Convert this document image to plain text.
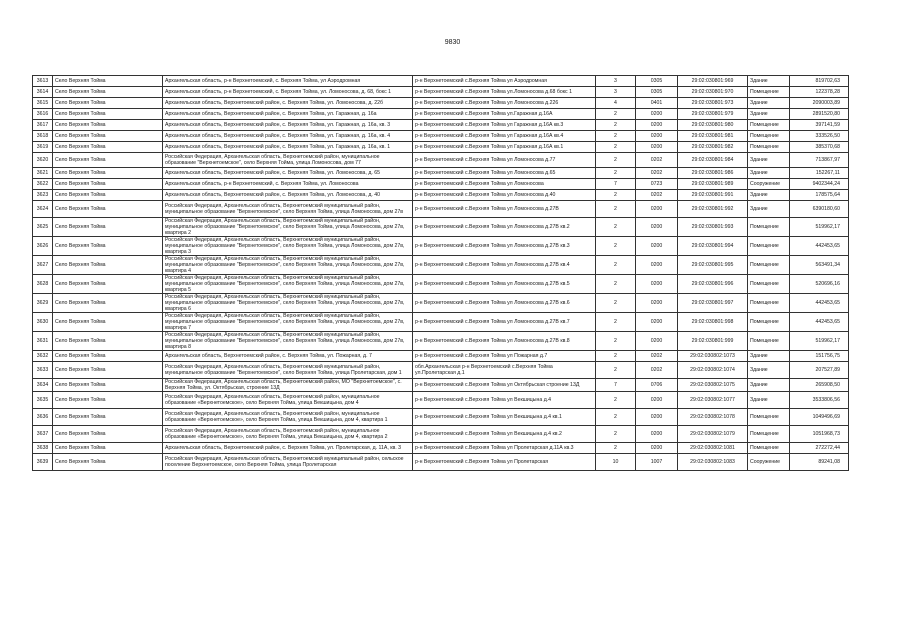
9830
3613	Село Верхняя Тойма	Архангельская область, р-н Верхнетоемский, с. Верхняя Тойма, ул Аэродромная	р-н Верхнетоемский с.Верхняя Тойма ул Аэродромная	3	0305	29:02:030801:969	Здание	819702,63
3614	Село Верхняя Тойма	Архангельская область, р-н Верхнетоемский, с. Верхняя Тойма, ул. Ломоносова, д. 68, бокс 1	р-н Верхнетоемский с.Верхняя Тойма ул.Ломоносова д.68 бокс 1	3	0305	29:02:030801:970	Помещение	122378,28
3615	Село Верхняя Тойма	Архангельская область, Верхнетоемский район, с. Верхняя Тойма, ул. Ломоносова, д. 22б	р-н Верхнетоемский с.Верхняя Тойма ул Ломоносова д.226	4	0401	29:02:030801:973	Здание	2090003,89
3616	Село Верхняя Тойма	Архангельская область, Верхнетоемский район, с. Верхняя Тойма, ул. Гаражная, д. 16а	р-н Верхнетоемский с.Верхняя Тойма ул.Гаражная д.16А	2	0200	29:02:030801:979	Здание	2891520,80
3617	Село Верхняя Тойма	Архангельская область, Верхнетоемский район, с. Верхняя Тойма, ул. Гаражная, д. 16а, кв. 3	р-н Верхнетоемский с.Верхняя Тойма ул Гаражная д.16А кв.3	2	0200	29:02:030801:980	Помещение	397141,59
3618	Село Верхняя Тойма	Архангельская область, Верхнетоемский район, с. Верхняя Тойма, ул. Гаражная, д. 16а, кв. 4	р-н Верхнетоемский с.Верхняя Тойма ул Гаражная д.16А кв.4	2	0200	29:02:030801:981	Помещение	333526,50
3619	Село Верхняя Тойма	Архангельская область, Верхнетоемский район, с. Верхняя Тойма, ул. Гаражная, д. 16а, кв. 1	р-н Верхнетоемский с.Верхняя Тойма ул Гаражная д.16А кв.1	2	0200	29:02:030801:982	Помещение	385370,68
3620	Село Верхняя Тойма	Российская Федерация, Архангельская область, Верхнетоемский район, муниципальное образование "Верхнетоемское", село Верхняя Тойма, улица Ломоносова, дом 77	р-н Верхнетоемский с.Верхняя Тойма ул Ломоносова д.77	2	0202	29:02:030801:984	Здание	713867,97
3621	Село Верхняя Тойма	Архангельская область, Верхнетоемский район, с. Верхняя Тойма, ул. Ломоносова, д. 65	р-н Верхнетоемский с.Верхняя Тойма ул Ломоносова д.65	2	0202	29:02:030801:986	Здание	152267,11
3622	Село Верхняя Тойма	Архангельская область, р-н Верхнетоемский, с. Верхняя Тойма, ул. Ломоносова	р-н Верхнетоемский с.Верхняя Тойма ул Ломоносова	7	0723	29:02:030801:989	Сооружение	9402344,24
3623	Село Верхняя Тойма	Архангельская область, Верхнетоемский район, с. Верхняя Тойма, ул. Ломоносова, д. 40	р-н Верхнетоемский с.Верхняя Тойма ул Ломоносова д.40	2	0202	29:02:030801:991	Здание	178575,64
3624	Село Верхняя Тойма	Российская Федерация, Архангельская область, Верхнетоемский муниципальный район, муниципальное образование "Верхнетоемское", село Верхняя Тойма, улица Ломоносова, дом 27в	р-н Верхнетоемский с.Верхняя Тойма ул Ломоносова д.27В	2	0200	29:02:030801:992	Здание	6390180,60
3625	Село Верхняя Тойма	Российская Федерация, Архангельская область, Верхнетоемский муниципальный район, муниципальное образование "Верхнетоемское", село Верхняя Тойма, улица Ломоносова, дом 27в, квартира 2	р-н Верхнетоемский с.Верхняя Тойма ул Ломоносова д.27В кв.2	2	0200	29:02:030801:993	Помещение	519962,17
3626	Село Верхняя Тойма	Российская Федерация, Архангельская область, Верхнетоемский муниципальный район, муниципальное образование "Верхнетоемское", село Верхняя Тойма, улица Ломоносова, дом 27в, квартира 3	р-н Верхнетоемский с.Верхняя Тойма ул Ломоносова д.27В кв.3	2	0200	29:02:030801:994	Помещение	442453,65
3627	Село Верхняя Тойма	Российская Федерация, Архангельская область, Верхнетоемский муниципальный район, муниципальное образование "Верхнетоемское", село Верхняя Тойма, улица Ломоносова, дом 27в, квартира 4	р-н Верхнетоемский с.Верхняя Тойма ул Ломоносова д.27В кв.4	2	0200	29:02:030801:995	Помещение	563491,34
3628	Село Верхняя Тойма	Российская Федерация, Архангельская область, Верхнетоемский муниципальный район, муниципальное образование "Верхнетоемское", село Верхняя Тойма, улица Ломоносова, дом 27в, квартира 5	р-н Верхнетоемский с.Верхняя Тойма ул Ломоносова д.27В кв.5	2	0200	29:02:030801:996	Помещение	520696,16
3629	Село Верхняя Тойма	Российская Федерация, Архангельская область, Верхнетоемский муниципальный район, муниципальное образование "Верхнетоемское", село Верхняя Тойма, улица Ломоносова, дом 27в, квартира 6	р-н Верхнетоемский с.Верхняя Тойма ул Ломоносова д.27В кв.6	2	0200	29:02:030801:997	Помещение	442453,65
3630	Село Верхняя Тойма	Российская Федерация, Архангельская область, Верхнетоемский муниципальный район, муниципальное образование "Верхнетоемское", село Верхняя Тойма, улица Ломоносова, дом 27в, квартира 7	р-н Верхнетоемский с.Верхняя Тойма ул Ломоносова д.27В кв.7	2	0200	29:02:030801:998	Помещение	442453,65
3631	Село Верхняя Тойма	Российская Федерация, Архангельская область, Верхнетоемский муниципальный район, муниципальное образование "Верхнетоемское", село Верхняя Тойма, улица Ломоносова, дом 27в, квартира 8	р-н Верхнетоемский с.Верхняя Тойма ул Ломоносова д.27В кв.8	2	0200	29:02:030801:999	Помещение	519962,17
3632	Село Верхняя Тойма	Архангельская область, Верхнетоемский район, с. Верхняя Тойма, ул. Пожарная, д. 7	р-н Верхнетоемский с.Верхняя Тойма ул Пожарная д.7	2	0202	29:02:030802:1073	Здание	151756,75
3633	Село Верхняя Тойма	Российская Федерация, Архангельская область, Верхнетоемский муниципальный район, муниципальное образование "Верхнетоемское", село Верхняя Тойма, улица Пролетарская, дом 1	обл.Архангельская р-н Верхнетоемский с.Верхняя Тойма ул.Пролетарская д.1	2	0202	29:02:030802:1074	Здание	207527,89
3634	Село Верхняя Тойма	Российская Федерация, Архангельская область, Верхнетоемский район, МО "Верхнетоемское", с. Верхняя Тойма, ул. Октябрьская, строение 13Д	р-н Верхнетоемский с.Верхняя Тойма ул Октябрьская строение 13Д	7	0706	29:02:030802:1075	Здание	265908,50
3635	Село Верхняя Тойма	Российская Федерация, Архангельская область, Верхнетоемский район, муниципальное образование «Верхнетоемское», село Верхняя Тойма, улица Векшицына, дом 4	р-н Верхнетоемский с.Верхняя Тойма ул Векшицына д.4	2	0200	29:02:030802:1077	Здание	3533806,56
3636	Село Верхняя Тойма	Российская Федерация, Архангельская область, Верхнетоемский район, муниципальное образование «Верхнетоемское», село Верхняя Тойма, улица Векшицына, дом 4, квартира 1	р-н Верхнетоемский с.Верхняя Тойма ул Векшицына д.4 кв.1	2	0200	29:02:030802:1078	Помещение	1049496,69
3637	Село Верхняя Тойма	Российская Федерация, Архангельская область, Верхнетоемский район, муниципальное образование «Верхнетоемское», село Верхняя Тойма, улица Векшицына, дом 4, квартира 2	р-н Верхнетоемский с.Верхняя Тойма ул Векшицына д.4 кв.2	2	0200	29:02:030802:1079	Помещение	1051968,73
3638	Село Верхняя Тойма	Архангельская область, Верхнетоемский район, с. Верхняя Тойма, ул. Пролетарская, д. 11А, кв. 3	р-н Верхнетоемский с.Верхняя Тойма ул Пролетарская д.11А кв.3	2	0200	29:02:030802:1081	Помещение	272272,44
3639	Село Верхняя Тойма	Российская Федерация, Архангельская область, Верхнетоемский муниципальный район, сельское поселение Верхнетоемское, село Верхняя Тойма, улица Пролетарская	р-н Верхнетоемский с.Верхняя Тойма ул Пролетарская	10	1007	29:02:030802:1083	Сооружение	89241,08
